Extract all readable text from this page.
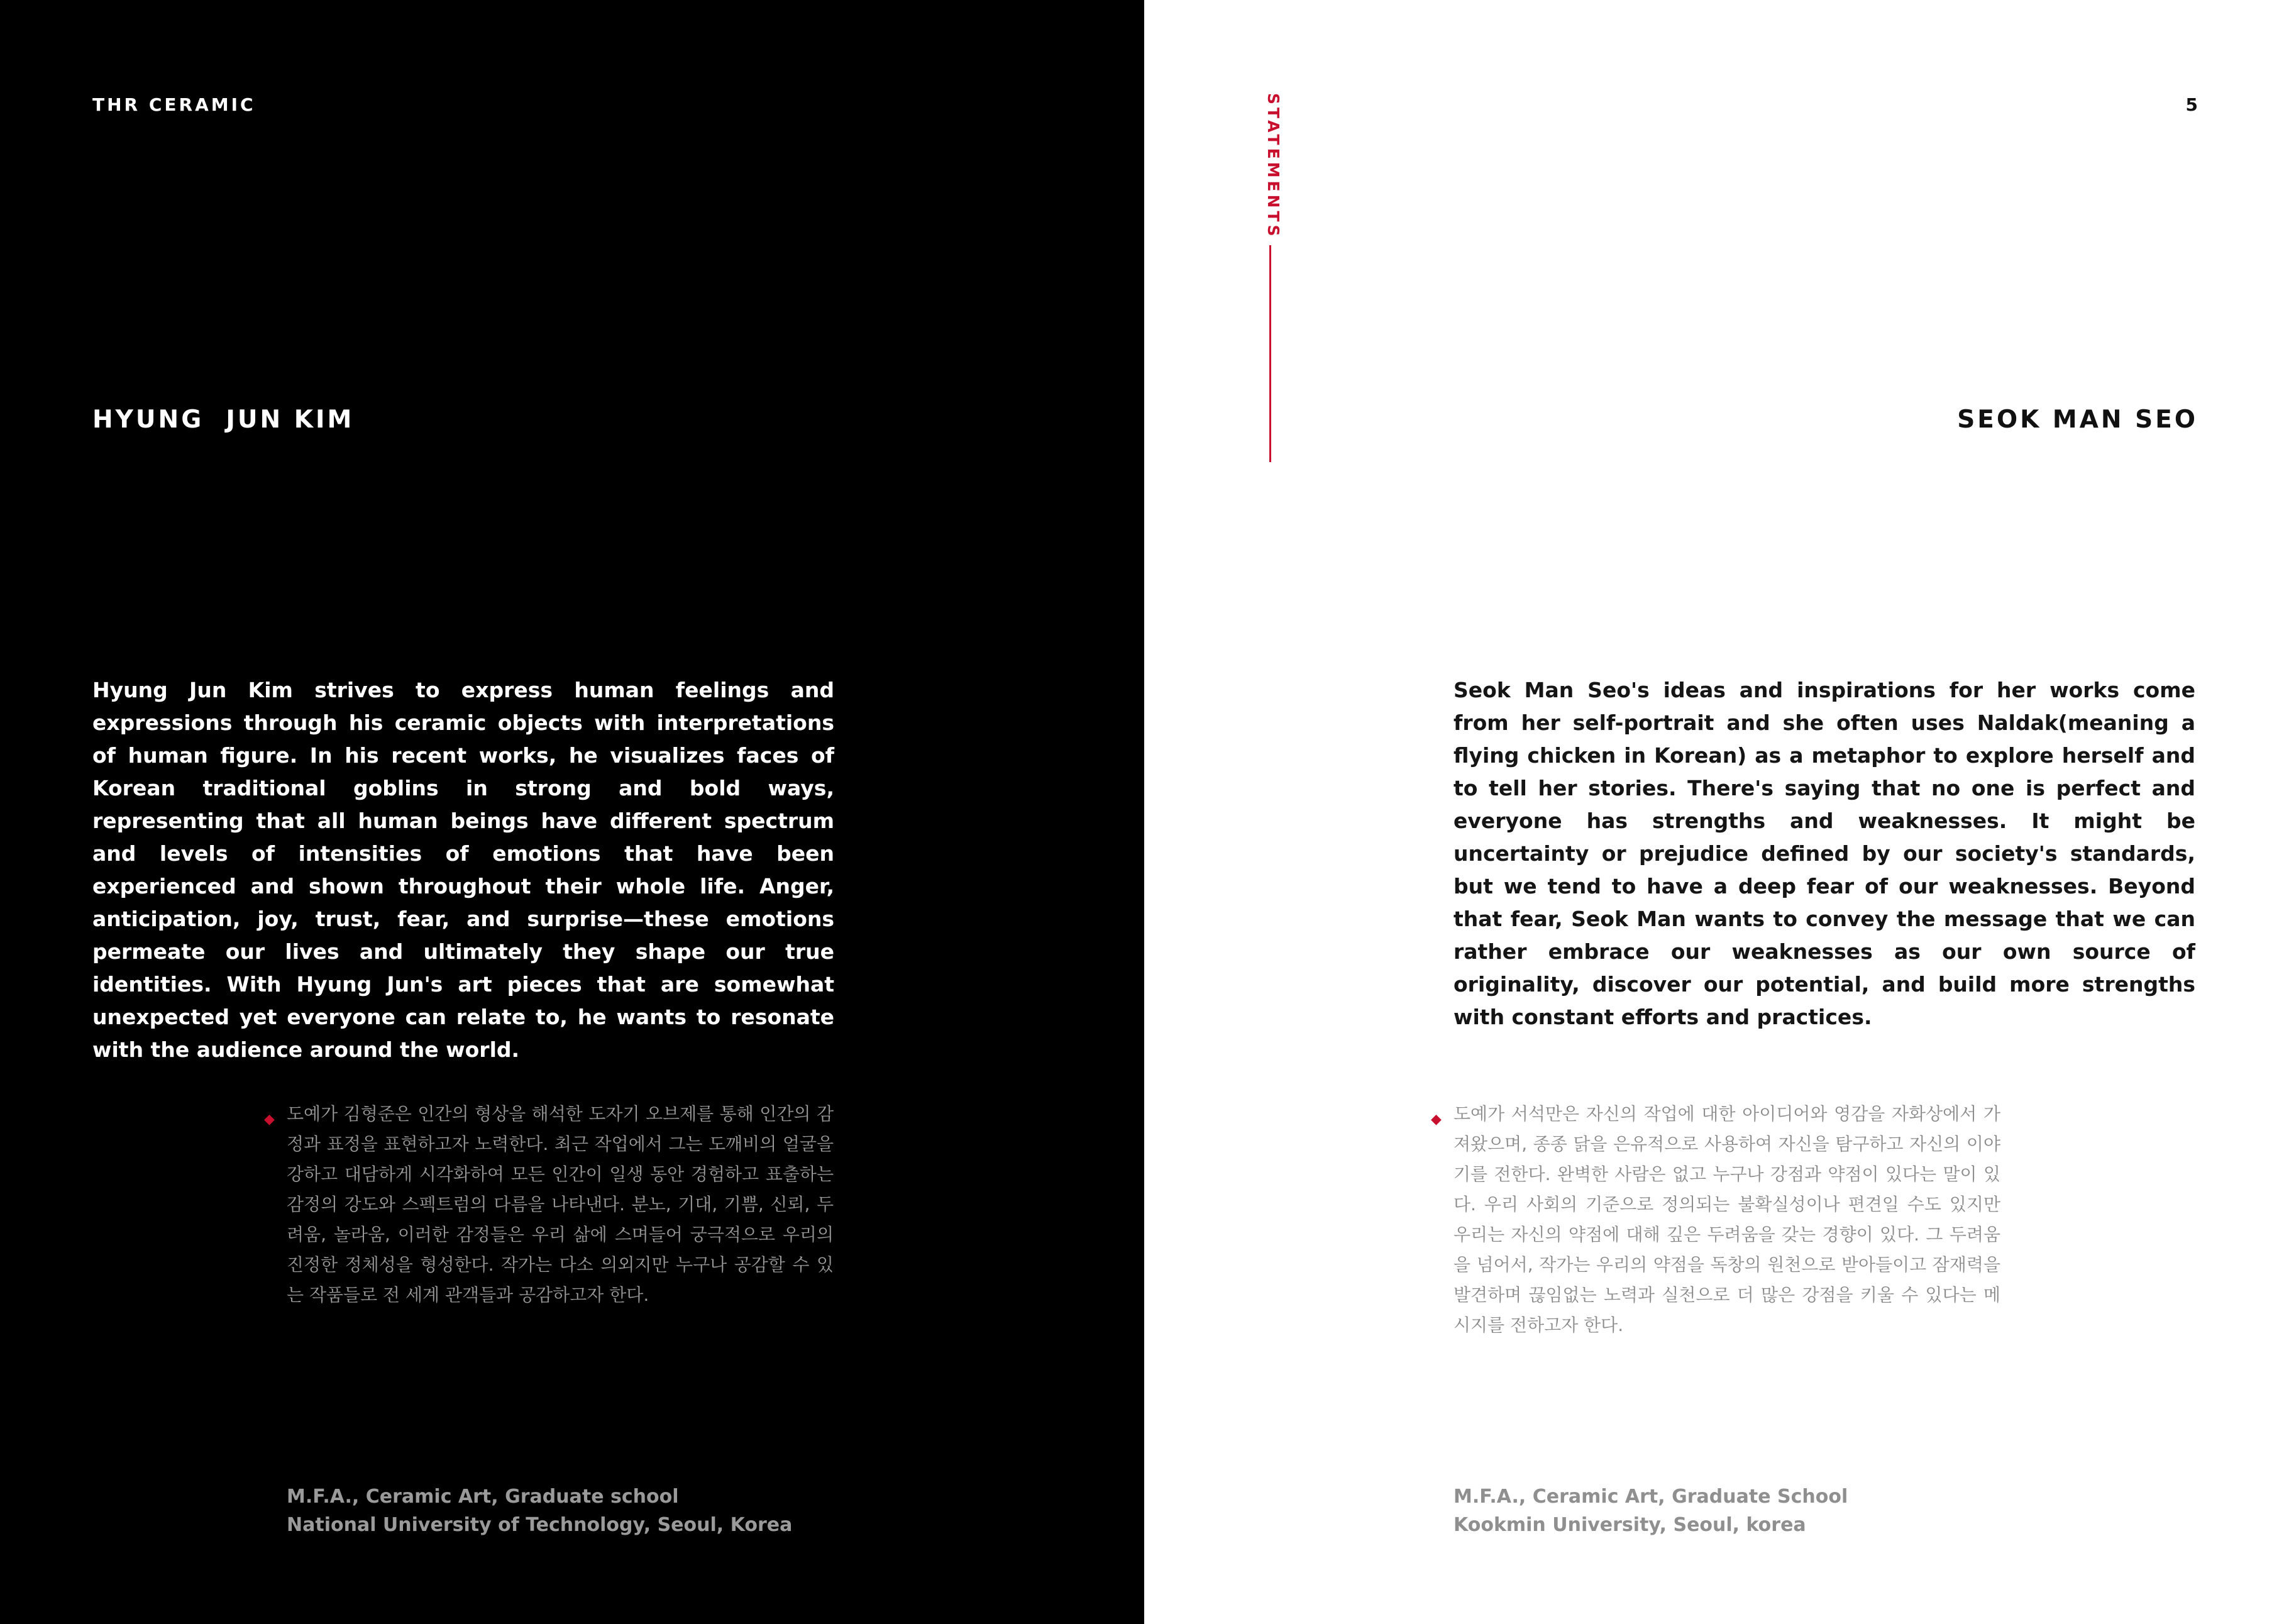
THR CERAMIC
HYUNG  JUN KIM

Hyung Jun Kim strives to express human feelings and expressions through his ceramic objects with interpretations of human figure. In his recent works, he visualizes faces of Korean traditional goblins in strong and bold ways, representing that all human beings have different spectrum and levels of intensities of emotions that have been experienced and shown throughout their whole life. Anger, anticipation, joy, trust, fear, and surprise—these emotions permeate our lives and ultimately they shape our true identities. With Hyung Jun's art pieces that are somewhat unexpected yet everyone can relate to, he wants to resonate with the audience around the world.

◆ 도예가 김형준은 인간의 형상을 해석한 도자기 오브제를 통해 인간의 감정과 표정을 표현하고자 노력한다. 최근 작업에서 그는 도깨비의 얼굴을 강하고 대담하게 시각화하여 모든 인간이 일생 동안 경험하고 표출하는 감정의 강도와 스펙트럼의 다름을 나타낸다. 분노, 기대, 기쁨, 신뢰, 두려움, 놀라움, 이러한 감정들은 우리 삶에 스며들어 궁극적으로 우리의 진정한 정체성을 형성한다. 작가는 다소 의외지만 누구나 공감할 수 있는 작품들로 전 세계 관객들과 공감하고자 한다.

M.F.A., Ceramic Art, Graduate school
National University of Technology, Seoul, Korea
5
STATEMENTS
SEOK MAN SEO

Seok Man Seo's ideas and inspirations for her works come from her self-portrait and she often uses Naldak(meaning a flying chicken in Korean) as a metaphor to explore herself and to tell her stories. There's saying that no one is perfect and everyone has strengths and weaknesses. It might be uncertainty or prejudice defined by our society's standards, but we tend to have a deep fear of our weaknesses. Beyond that fear, Seok Man wants to convey the message that we can rather embrace our weaknesses as our own source of originality, discover our potential, and build more strengths with constant efforts and practices.

◆ 도예가 서석만은 자신의 작업에 대한 아이디어와 영감을 자화상에서 가져왔으며, 종종 닭을 은유적으로 사용하여 자신을 탐구하고 자신의 이야기를 전한다. 완벽한 사람은 없고 누구나 강점과 약점이 있다는 말이 있다. 우리 사회의 기준으로 정의되는 불확실성이나 편견일 수도 있지만 우리는 자신의 약점에 대해 깊은 두려움을 갖는 경향이 있다. 그 두려움을 넘어서, 작가는 우리의 약점을 독창의 원천으로 받아들이고 잠재력을 발견하며 끊임없는 노력과 실천으로 더 많은 강점을 키울 수 있다는 메시지를 전하고자 한다.

M.F.A., Ceramic Art, Graduate School
Kookmin University, Seoul, korea
